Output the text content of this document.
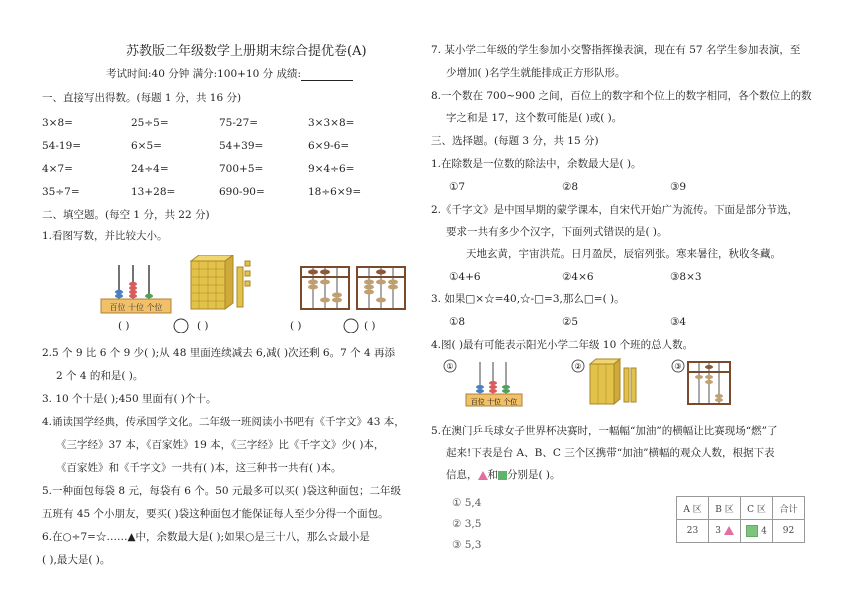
苏教版二年级数学上册期末综合提优卷(A)
考试时间:40 分钟 满分:100+10 分 成绩:
一、直接写出得数。(每题 1 分，共 16 分)
3×8=	25÷5=	75-27=	3×3×8=
54-19=	6×5=	54+39=	6×9-6=
4×7=	24÷4=	700+5=	9×4÷6=
35÷7=	13+28=	690-90=	18÷6×9=
二、填空题。(每空 1 分，共 22 分)
1.看图写数，并比较大小。
百位 十位 个位
( )	( )	( )	( )
2.5 个 9 比 6 个 9 少( );从 48 里面连续减去 6,减( )次还剩 6。7 个 4 再添
2 个 4 的和是( )。
3. 10 个十是( );450 里面有( )个十。
4.诵读国学经典，传承国学文化。二年级一班阅读小书吧有《千字文》43 本，
《三字经》37 本，《百家姓》19 本，《三字经》比《千字文》少( )本，
《百家姓》和《千字文》一共有( )本，这三种书一共有( )本。
5.一种面包每袋 8 元，每袋有 6 个。50 元最多可以买( )袋这种面包；二年级
五班有 45 个小朋友，要买( )袋这种面包才能保证每人至少分得一个面包。
6.在○÷7=☆……▲中，余数最大是( );如果○是三十八，那么☆最小是
( ),最大是( )。
7. 某小学二年级的学生参加小交警指挥操表演，现在有 57 名学生参加表演，至
少增加( )名学生就能排成正方形队形。
8.一个数在 700~900 之间，百位上的数字和个位上的数字相同，各个数位上的数
字之和是 17，这个数可能是( )或( )。
三、选择题。(每题 3 分，共 15 分)
1.在除数是一位数的除法中，余数最大是( )。
①7	②8	③9
2.《千字文》是中国早期的蒙学课本，自宋代开始广为流传。下面是部分节选，
要求一共有多少个汉字，下面列式错误的是( )。
天地玄黄，宇宙洪荒。日月盈昃，辰宿列张。寒来暑往，秋收冬藏。
①4+6	②4×6	③8×3
3. 如果□×☆=40,☆-□=3,那么□=( )。
①8	②5	③4
4.图( )最有可能表示阳光小学二年级 10 个班的总人数。
①
百位 十位 个位
②	③
5.在澳门乒乓球女子世界杯决赛时，一幅幅“加油”的横幅让比赛现场“燃”了
起来!下表是台 A、B、C 三个区携带“加油”横幅的观众人数，根据下表
信息， 和 分别是( )。
① 5,4
② 3,5
③ 5,3
A 区	B 区	C 区	合计
23	3	4	92
